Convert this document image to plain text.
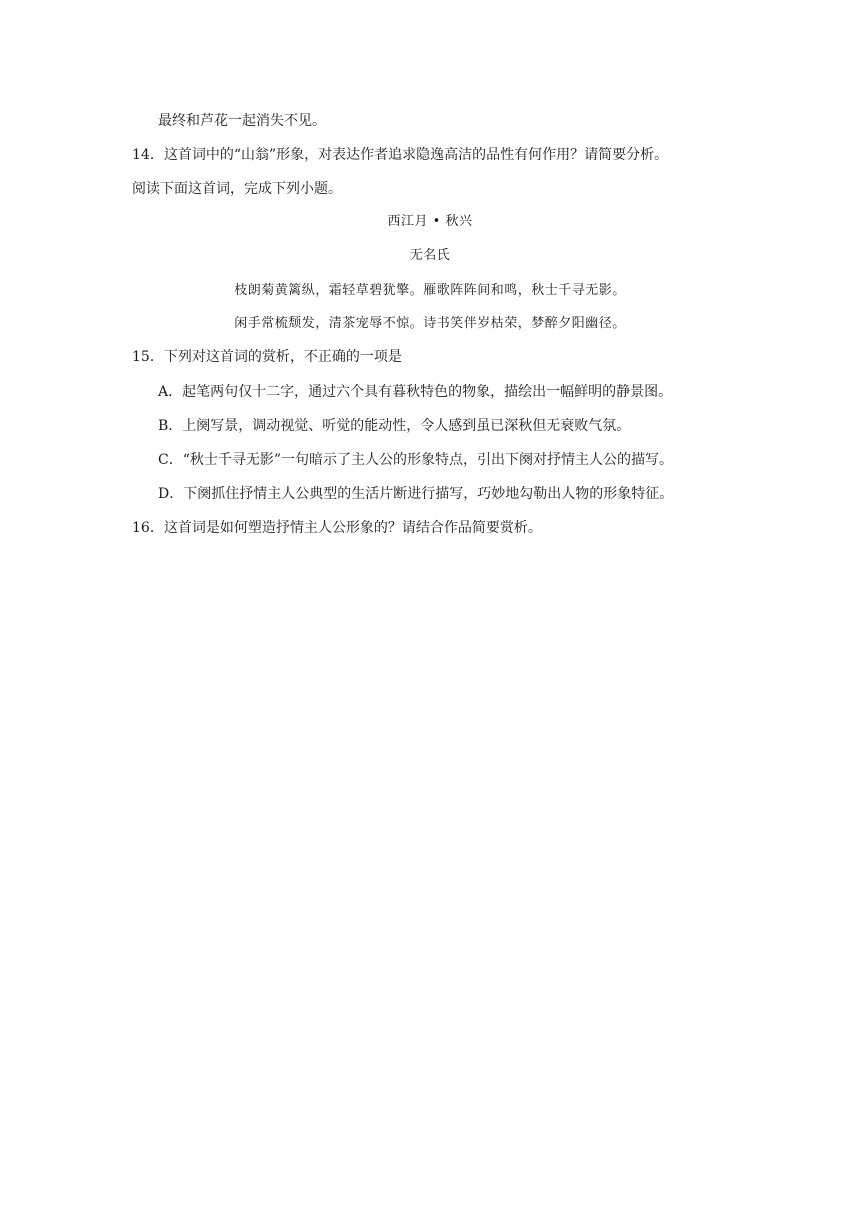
最终和芦花一起消失不见。
14．这首词中的“山翁”形象，对表达作者追求隐逸高洁的品性有何作用？请简要分析。
阅读下面这首词，完成下列小题。
西江月 • 秋兴
无名氏
枝朗菊黄篱纵，霜轻草碧犹擎。雁歌阵阵间和鸣，秋士千寻无影。
闲手常梳颓发，清茶宠辱不惊。诗书笑伴岁枯荣，梦醉夕阳幽径。
15．下列对这首词的赏析，不正确的一项是
A．起笔两句仅十二字，通过六个具有暮秋特色的物象，描绘出一幅鲜明的静景图。
B．上阕写景，调动视觉、听觉的能动性，令人感到虽已深秋但无衰败气氛。
C．“秋士千寻无影”一句暗示了主人公的形象特点，引出下阕对抒情主人公的描写。
D．下阕抓住抒情主人公典型的生活片断进行描写，巧妙地勾勒出人物的形象特征。
16．这首词是如何塑造抒情主人公形象的？请结合作品简要赏析。
